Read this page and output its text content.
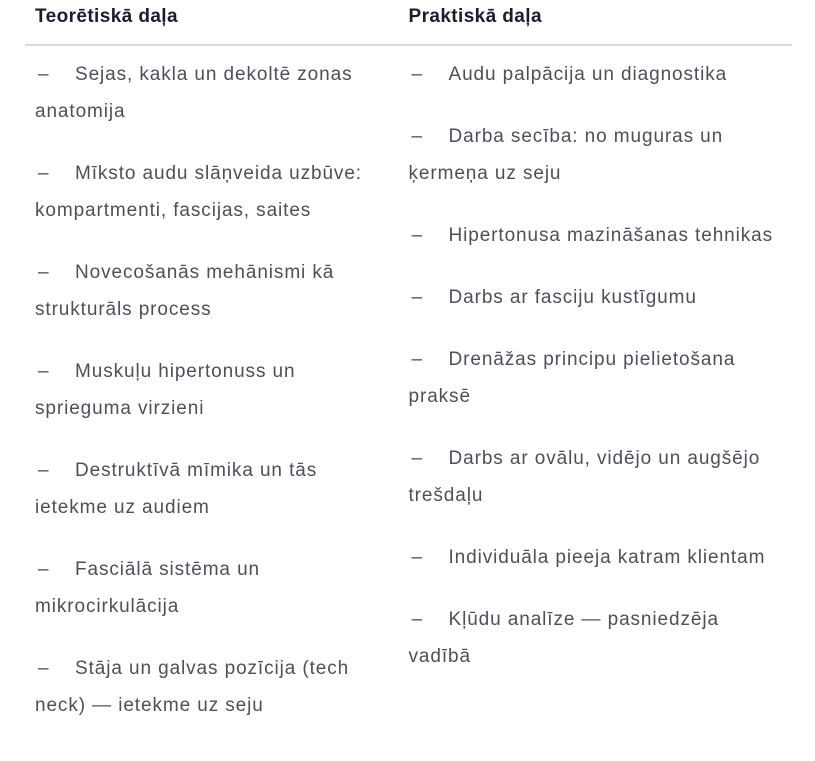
Teorētiskā daļa	Praktiskā daļa

– Sejas, kakla un dekoltē zonas anatomija

– Mīksto audu slāņveida uzbūve: kompartmenti, fascijas, saites

– Novecošanās mehānismi kā strukturāls process

– Muskuļu hipertonuss un sprieguma virzieni

– Destruktīvā mīmika un tās ietekme uz audiem

– Fasciālā sistēma un mikrocirkulācija

– Stāja un galvas pozīcija (tech neck) — ietekme uz seju

– Audu palpācija un diagnostika

– Darba secība: no muguras un ķermeņa uz seju

– Hipertonusa mazināšanas tehnikas

– Darbs ar fasciju kustīgumu

– Drenāžas principu pielietošana praksē

– Darbs ar ovālu, vidējo un augšējo trešdaļu

– Individuāla pieeja katram klientam

– Kļūdu analīze — pasniedzēja vadībā
